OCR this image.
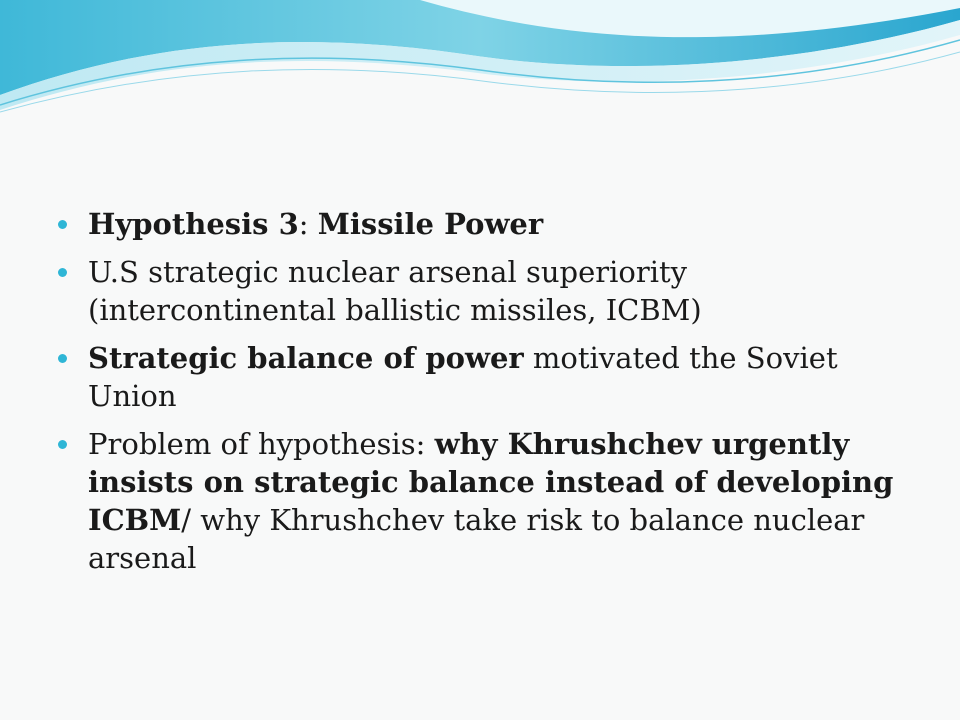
Hypothesis 3: Missile Power
U.S strategic nuclear arsenal superiority (intercontinental ballistic missiles, ICBM)
Strategic balance of power motivated the Soviet Union
Problem of hypothesis: why Khrushchev urgently insists on strategic balance instead of developing ICBM/ why Khrushchev take risk to balance nuclear arsenal
